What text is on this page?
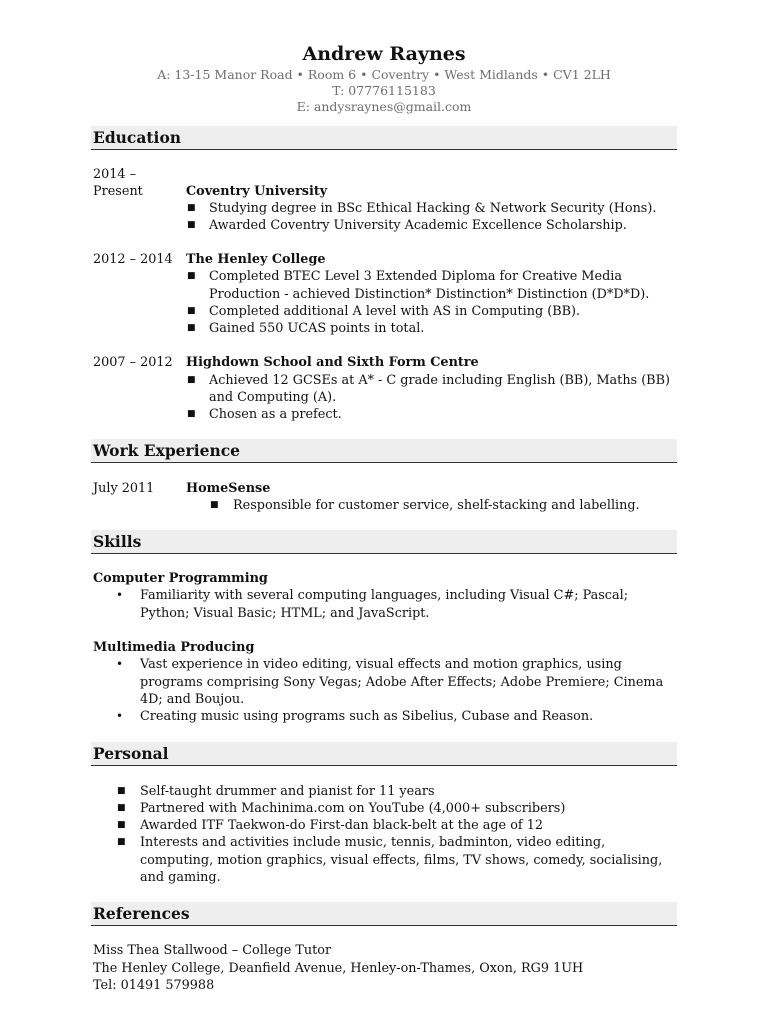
Andrew Raynes
A: 13-15 Manor Road • Room 6 • Coventry • West Midlands • CV1 2LH
T: 07776115183
E: andysraynes@gmail.com
Education
2014 –
Present	Coventry University
■ Studying degree in BSc Ethical Hacking & Network Security (Hons).
■ Awarded Coventry University Academic Excellence Scholarship.
2012 – 2014 The Henley College
■ Completed BTEC Level 3 Extended Diploma for Creative Media
Production - achieved Distinction* Distinction* Distinction (D*D*D).
■ Completed additional A level with AS in Computing (BB).
■ Gained 550 UCAS points in total.
2007 – 2012 Highdown School and Sixth Form Centre
■ Achieved 12 GCSEs at A* - C grade including English (BB), Maths (BB)
and Computing (A).
■ Chosen as a prefect.
Work Experience
July 2011 HomeSense
■ Responsible for customer service, shelf-stacking and labelling.
Skills
Computer Programming
• Familiarity with several computing languages, including Visual C#; Pascal;
Python; Visual Basic; HTML; and JavaScript.
Multimedia Producing
• Vast experience in video editing, visual effects and motion graphics, using
programs comprising Sony Vegas; Adobe After Effects; Adobe Premiere; Cinema
4D; and Boujou.
• Creating music using programs such as Sibelius, Cubase and Reason.
Personal
■ Self-taught drummer and pianist for 11 years
■ Partnered with Machinima.com on YouTube (4,000+ subscribers)
■ Awarded ITF Taekwon-do First-dan black-belt at the age of 12
■ Interests and activities include music, tennis, badminton, video editing,
computing, motion graphics, visual effects, films, TV shows, comedy, socialising,
and gaming.
References
Miss Thea Stallwood – College Tutor
The Henley College, Deanfield Avenue, Henley-on-Thames, Oxon, RG9 1UH
Tel: 01491 579988
